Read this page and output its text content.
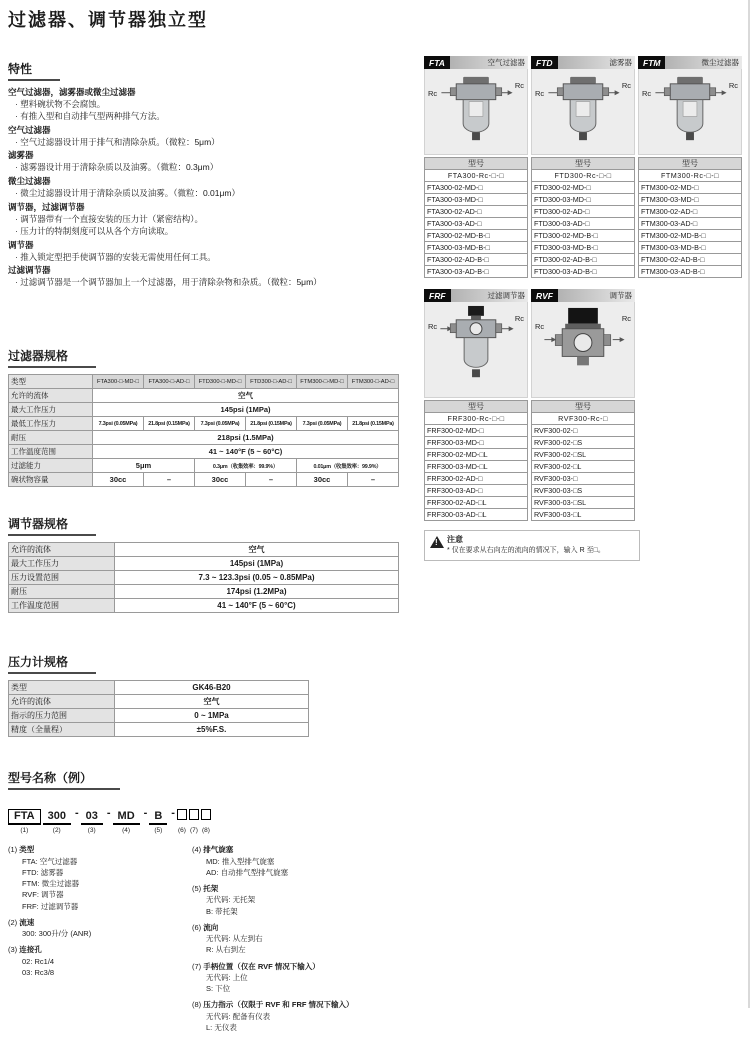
过滤器、调节器独立型
特性
空气过滤器，滤雾器或微尘过滤器
· 塑料碗状物不会腐蚀。
· 有推入型和自动排气型两种排气方法。
空气过滤器
· 空气过滤器设计用于排气和清除杂质。（微粒：5μm）
滤雾器
· 滤雾器设计用于清除杂质以及油雾。（微粒：0.3μm）
微尘过滤器
· 微尘过滤器设计用于清除杂质以及油雾。（微粒：0.01μm）
调节器，过滤调节器
· 调节器带有一个直接安装的压力计（紧密结构）。
· 压力计的特制刻度可以从各个方向读取。
调节器
· 推入锁定型把手使调节器的安装无需使用任何工具。
过滤调节器
· 过滤调节器是一个调节器加上一个过滤器，用于清除杂物和杂质。（微粒：5μm）
过滤器规格
类型	FTA300-□-MD-□	FTA300-□-AD-□	FTD300-□-MD-□	FTD300-□-AD-□	FTM300-□-MD-□	FTM300-□-AD-□
允许的流体	空气					
最大工作压力	145psi (1MPa)					
最低工作压力	7.3psi (0.05MPa)	21.8psi (0.15MPa)	7.3psi (0.05MPa)	21.8psi (0.15MPa)	7.3psi (0.05MPa)	21.8psi (0.15MPa)
耐压	218psi (1.5MPa)					
工作温度范围	41 ~ 140°F (5 ~ 60°C)					
过滤能力	5μm		0.3μm（收集效率：99.9%）		0.01μm（收集效率：99.9%）	
碗状物容量	30cc	–	30cc	–	30cc	–
调节器规格
允许的流体	空气
最大工作压力	145psi (1MPa)
压力设置范围	7.3 ~ 123.3psi (0.05 ~ 0.85MPa)
耐压	174psi (1.2MPa)
工作温度范围	41 ~ 140°F (5 ~ 60°C)
压力计规格
类型	GK46-B20
允许的流体	空气
指示的压力范围	0 ~ 1MPa
精度（全量程）	±5%F.S.
型号名称（例）
FTA
(1)
300
(2)
- 03
(3)
- MD
(4)
- B
(5)
-
(6) (7) (8)
(1) 类型
FTA: 空气过滤器
FTD: 滤雾器
FTM: 微尘过滤器
RVF: 调节器
FRF: 过滤调节器
(2) 流速
300: 300升/分 (ANR)
(3) 连接孔
02: Rc1/4
03: Rc3/8
(4) 排气旋塞
MD: 推入型排气旋塞
AD: 自动排气型排气旋塞
(5) 托架
无代码: 无托架
B: 带托架
(6) 流向
无代码: 从左到右
R: 从右到左
(7) 手柄位置（仅在 RVF 情况下输入）
无代码: 上位
S: 下位
(8) 压力指示（仅限于 RVF 和 FRF 情况下输入）
无代码: 配备有仪表
L: 无仪表
FTA	空气过滤器
Rc
Rc
型号
FTA300-Rc-□-□
FTA300-02-MD-□
FTA300-03-MD-□
FTA300-02-AD-□
FTA300-03-AD-□
FTA300-02-MD-B-□
FTA300-03-MD-B-□
FTA300-02-AD-B-□
FTA300-03-AD-B-□
FTD	滤雾器
Rc
Rc
型号
FTD300-Rc-□-□
FTD300-02-MD-□
FTD300-03-MD-□
FTD300-02-AD-□
FTD300-03-AD-□
FTD300-02-MD-B-□
FTD300-03-MD-B-□
FTD300-02-AD-B-□
FTD300-03-AD-B-□
FTM	微尘过滤器
Rc
Rc
型号
FTM300-Rc-□-□
FTM300-02-MD-□
FTM300-03-MD-□
FTM300-02-AD-□
FTM300-03-AD-□
FTM300-02-MD-B-□
FTM300-03-MD-B-□
FTM300-02-AD-B-□
FTM300-03-AD-B-□
FRF	过滤调节器
Rc
Rc
型号
FRF300-Rc-□-□
FRF300-02-MD-□
FRF300-03-MD-□
FRF300-02-MD-□L
FRF300-03-MD-□L
FRF300-02-AD-□
FRF300-03-AD-□
FRF300-02-AD-□L
FRF300-03-AD-□L
RVF	调节器
Rc
Rc
型号
RVF300-Rc-□
RVF300-02-□
RVF300-02-□S
RVF300-02-□SL
RVF300-02-□L
RVF300-03-□
RVF300-03-□S
RVF300-03-□SL
RVF300-03-□L
! 注意
* 仅在要求从右向左的流向的情况下，输入 R 至□。
